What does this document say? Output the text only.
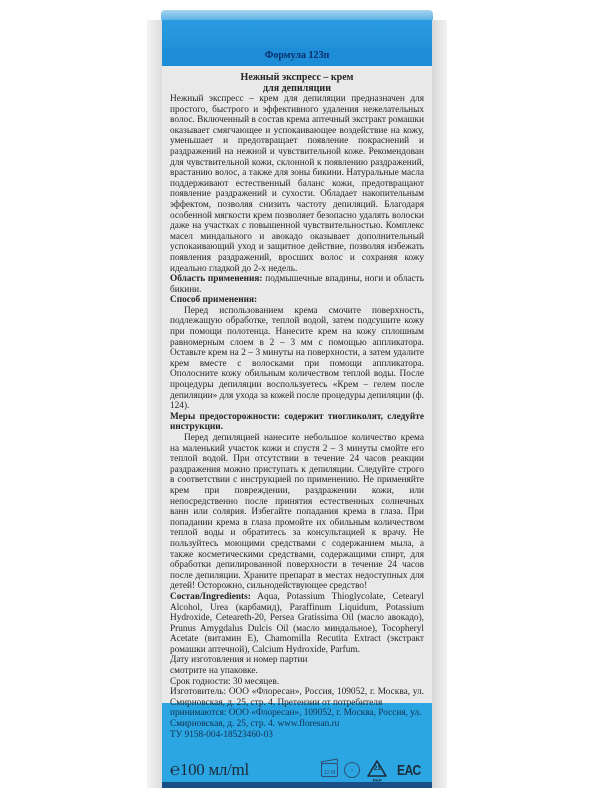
Формула 123п
Нежный экспресс – крем
для депиляции

Нежный экспресс – крем для депиляции предназначен для простого, быстрого и эффективного удаления нежелательных волос. Включенный в состав крема аптечный экстракт ромашки оказывает смягчающее и успокаивающее воздействие на кожу, уменьшает и предотвращает появление покраснений и раздражений на нежной и чувствительной коже. Рекомендован для чувствительной кожи, склонной к появлению раздражений, врастанию волос, а также для зоны бикини. Натуральные масла поддерживают естественный баланс кожи, предотвращают появление раздражений и сухости. Обладает накопительным эффектом, позволяя снизить частоту депиляций. Благодаря особенной мягкости крем позволяет безопасно удалять волоски даже на участках с повышенной чувствительностью. Комплекс масел миндального и авокадо оказывает дополнительный успокаивающий уход и защитное действие, позволяя избежать появления раздражений, вросших волос и сохраняя кожу идеально гладкой до 2-х недель.

Область применения: подмышечные впадины, ноги и область бикини.

Способ применения:

Перед использованием крема смочите поверхность, подлежащую обработке, теплой водой, затем подсушите кожу при помощи полотенца. Нанесите крем на кожу сплошным равномерным слоем в 2 – 3 мм с помощью аппликатора. Оставьте крем на 2 – 3 минуты на поверхности, а затем удалите крем вместе с волосками при помощи аппликатора. Ополосните кожу обильным количеством теплой воды. После процедуры депиляции воспользуетесь «Крем – гелем после депиляции» для ухода за кожей после процедуры депиляции (ф. 124).

Меры предосторожности: содержит тиогликолят, следуйте инструкции.

Перед депиляцией нанесите небольшое количество крема на маленький участок кожи и спустя 2 – 3 минуты смойте его теплой водой. При отсутствии в течение 24 часов реакции раздражения можно приступать к депиляции. Следуйте строго в соответствии с инструкцией по применению. Не применяйте крем при повреждении, раздражении кожи, или непосредственно после принятия естественных солнечных ванн или солярия. Избегайте попадания крема в глаза. При попадании крема в глаза промойте их обильным количеством теплой воды и обратитесь за консультацией к врачу. Не пользуйтесь моющими средствами с содержанием мыла, а также косметическими средствами, содержащими спирт, для обработки депилированной поверхности в течение 24 часов после депиляции. Храните препарат в местах недоступных для детей! Осторожно, сильнодействующее средство!

Состав/Ingredients: Aqua, Potassium Thioglycolate, Cetearyl Alcohol, Urea (карбамид), Paraffinum Liquidum, Potassium Hydroxide, Ceteareth-20, Persea Gratissima Oil (масло авокадо), Prunus Amygdalus Dulcis Oil (масло миндальное), Tocopheryl Acetate (витамин Е), Chamomilla Recutita Extract (экстракт ромашки аптечной), Calcium Hydroxide, Parfum.

Дату изготовления и номер партии

смотрите на упаковке.

Срок годности: 30 месяцев.

Изготовитель: ООО «Флоресан», Россия, 109052, г. Москва, ул. Смирновская, д. 25, стр. 4. Претензии от потребителя

принимаются: ООО «Флоресан», 109052, г. Москва, Россия, ул. Смирновская, д. 25, стр. 4. www.floresan.ru

ТУ 9158-004-18523460-03

℮100 мл/ml	12 M	◦	21
PAP
ЕАС
